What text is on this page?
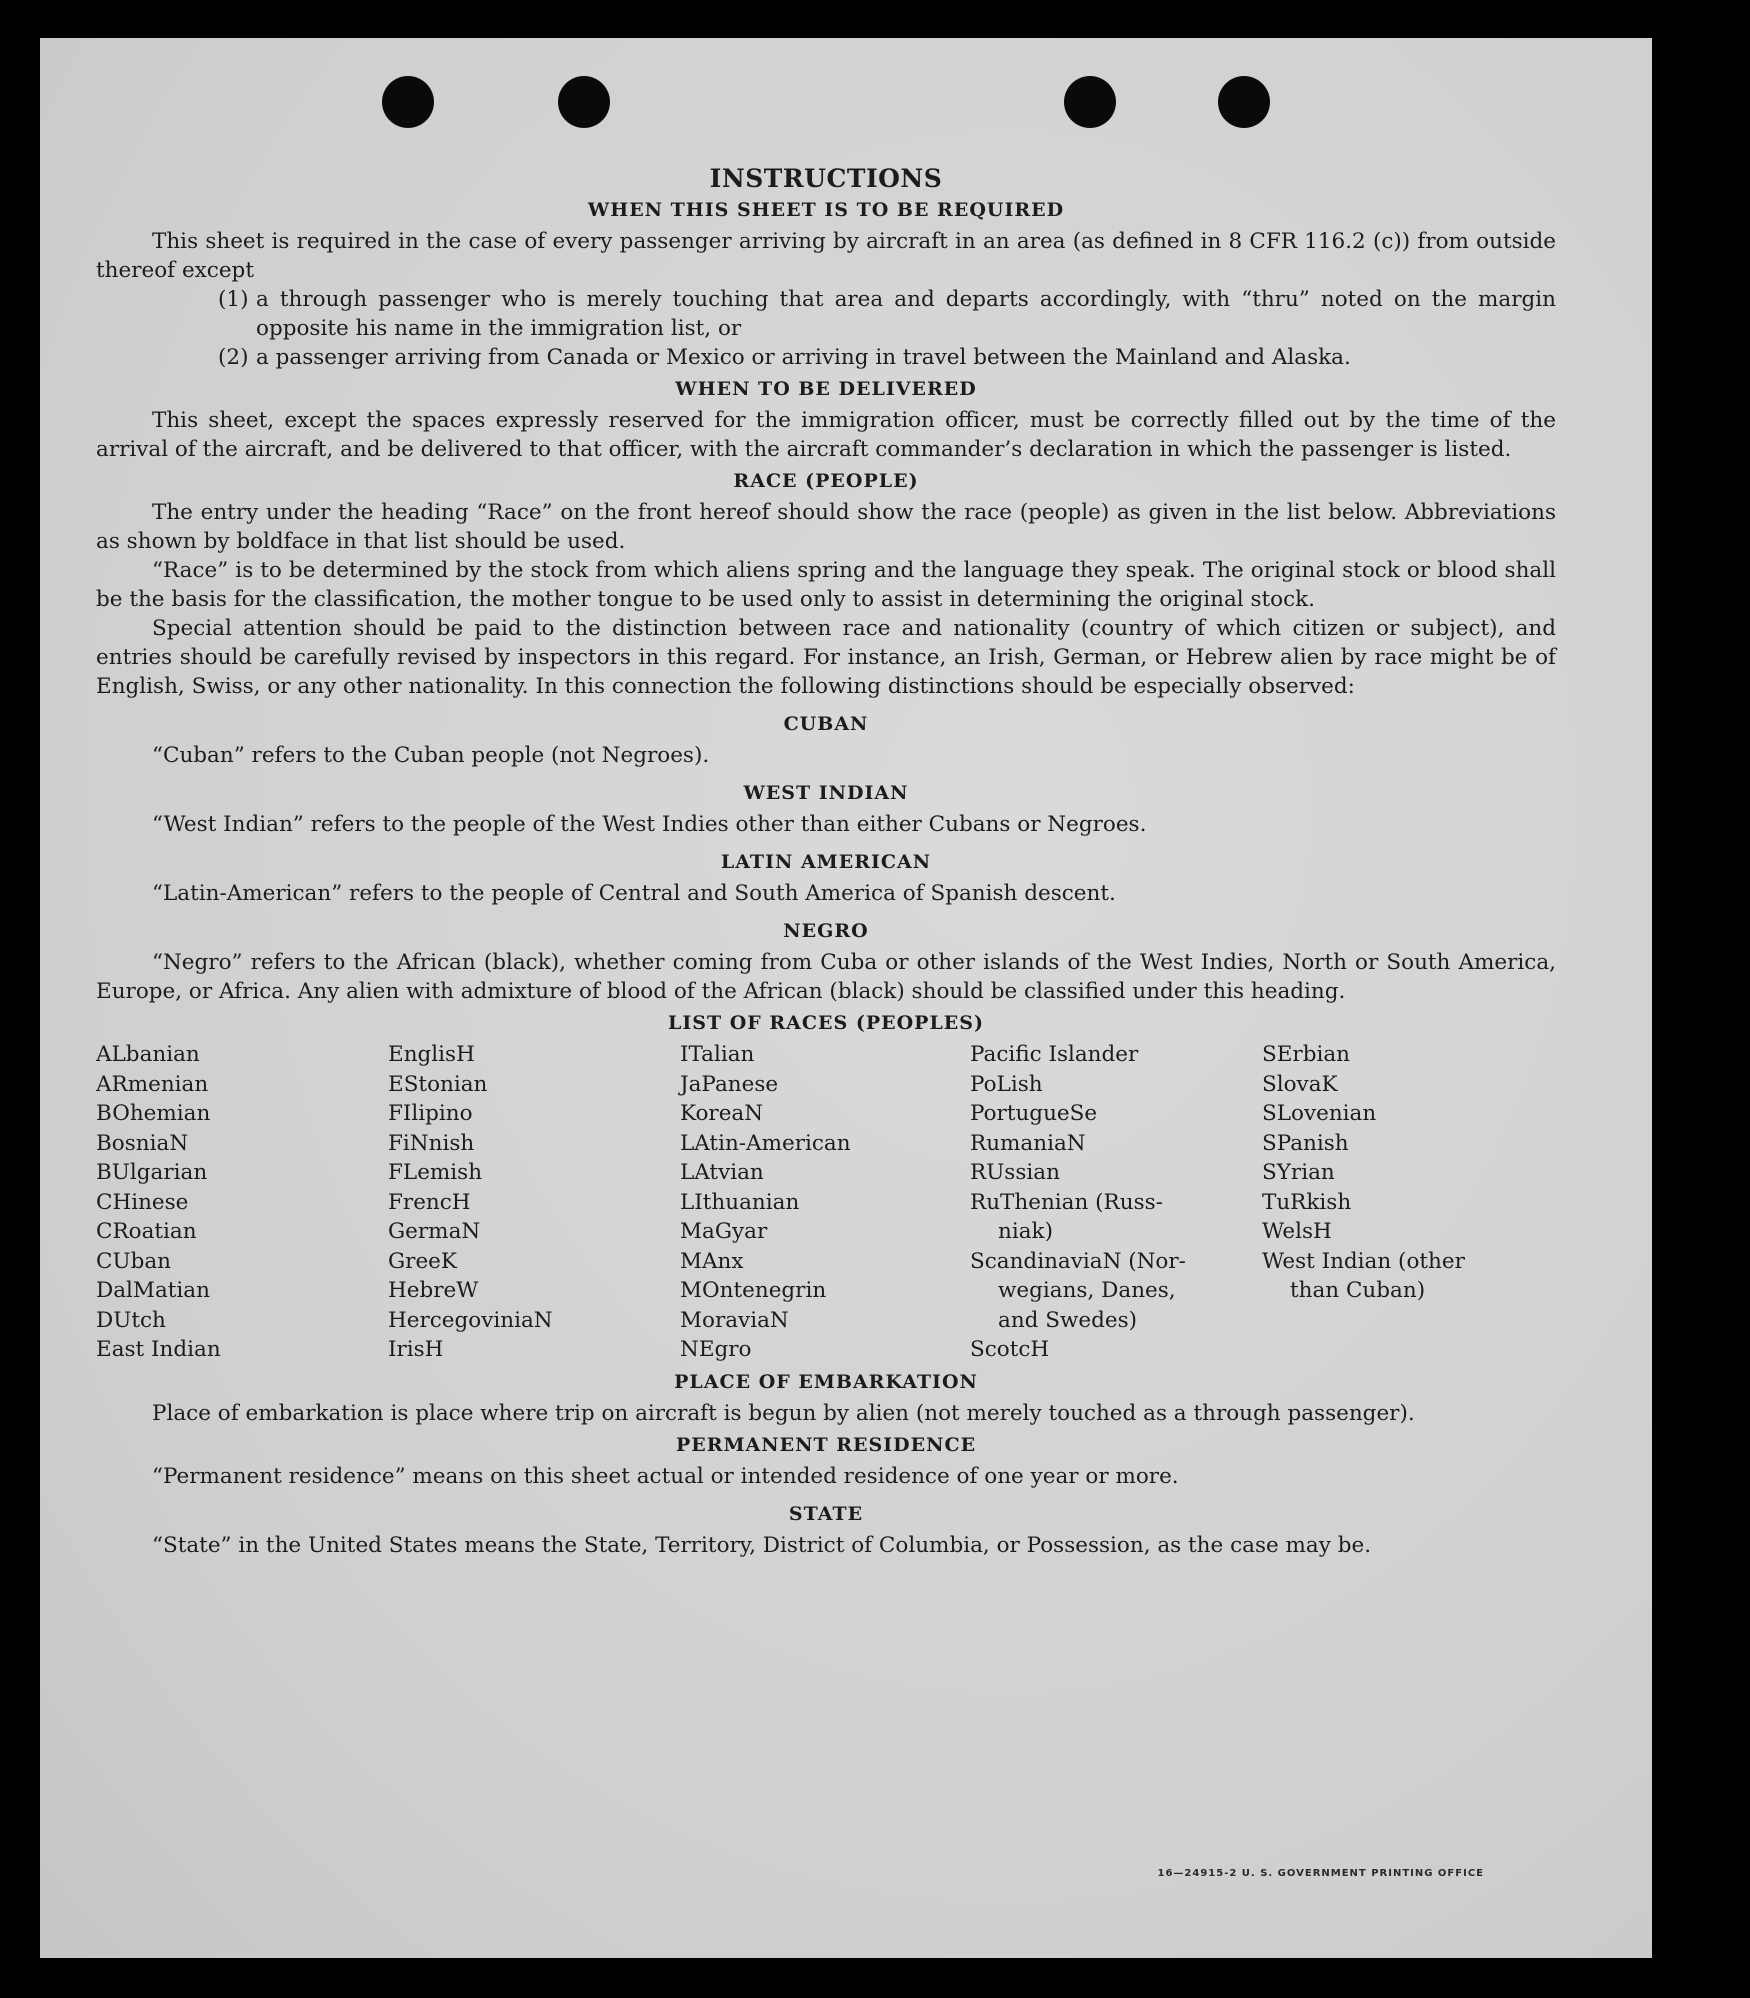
INSTRUCTIONS
WHEN THIS SHEET IS TO BE REQUIRED

This sheet is required in the case of every passenger arriving by aircraft in an area (as defined in 8 CFR 116.2 (c)) from outside thereof except

(1) a through passenger who is merely touching that area and departs accordingly, with “thru” noted on the margin opposite his name in the immigration list, or
(2) a passenger arriving from Canada or Mexico or arriving in travel between the Mainland and Alaska.
WHEN TO BE DELIVERED

This sheet, except the spaces expressly reserved for the immigration officer, must be correctly filled out by the time of the arrival of the aircraft, and be delivered to that officer, with the aircraft commander’s declaration in which the passenger is listed.

RACE (PEOPLE)

The entry under the heading “Race” on the front hereof should show the race (people) as given in the list below. Abbreviations as shown by boldface in that list should be used.

“Race” is to be determined by the stock from which aliens spring and the language they speak. The original stock or blood shall be the basis for the classification, the mother tongue to be used only to assist in determining the original stock.

Special attention should be paid to the distinction between race and nationality (country of which citizen or subject), and entries should be carefully revised by inspectors in this regard. For instance, an Irish, German, or Hebrew alien by race might be of English, Swiss, or any other nationality. In this connection the following distinctions should be especially observed:

CUBAN

“Cuban” refers to the Cuban people (not Negroes).

WEST INDIAN

“West Indian” refers to the people of the West Indies other than either Cubans or Negroes.

LATIN AMERICAN

“Latin-American” refers to the people of Central and South America of Spanish descent.

NEGRO

“Negro” refers to the African (black), whether coming from Cuba or other islands of the West Indies, North or South America, Europe, or Africa. Any alien with admixture of blood of the African (black) should be classified under this heading.

LIST OF RACES (PEOPLES)
ALbanian
ARmenian
BOhemian
BosniaN
BUlgarian
CHinese
CRoatian
CUban
DalMatian
DUtch
East Indian
EnglisH
EStonian
FIlipino
FiNnish
FLemish
FrencH
GermaN
GreeK
HebreW
HercegoviniaN
IrisH
ITalian
JaPanese
KoreaN
LAtin-American
LAtvian
LIthuanian
MaGyar
MAnx
MOntenegrin
MoraviaN
NEgro
Pacific Islander
PoLish
PortugueSe
RumaniaN
RUssian
RuThenian (Russ-
niak)
ScandinaviaN (Nor-
wegians, Danes,
and Swedes)
ScotcH
SErbian
SlovaK
SLovenian
SPanish
SYrian
TuRkish
WelsH
West Indian (other
than Cuban)
PLACE OF EMBARKATION

Place of embarkation is place where trip on aircraft is begun by alien (not merely touched as a through passenger).

PERMANENT RESIDENCE

“Permanent residence” means on this sheet actual or intended residence of one year or more.

STATE

“State” in the United States means the State, Territory, District of Columbia, or Possession, as the case may be.

16—24915-2 U. S. GOVERNMENT PRINTING OFFICE
